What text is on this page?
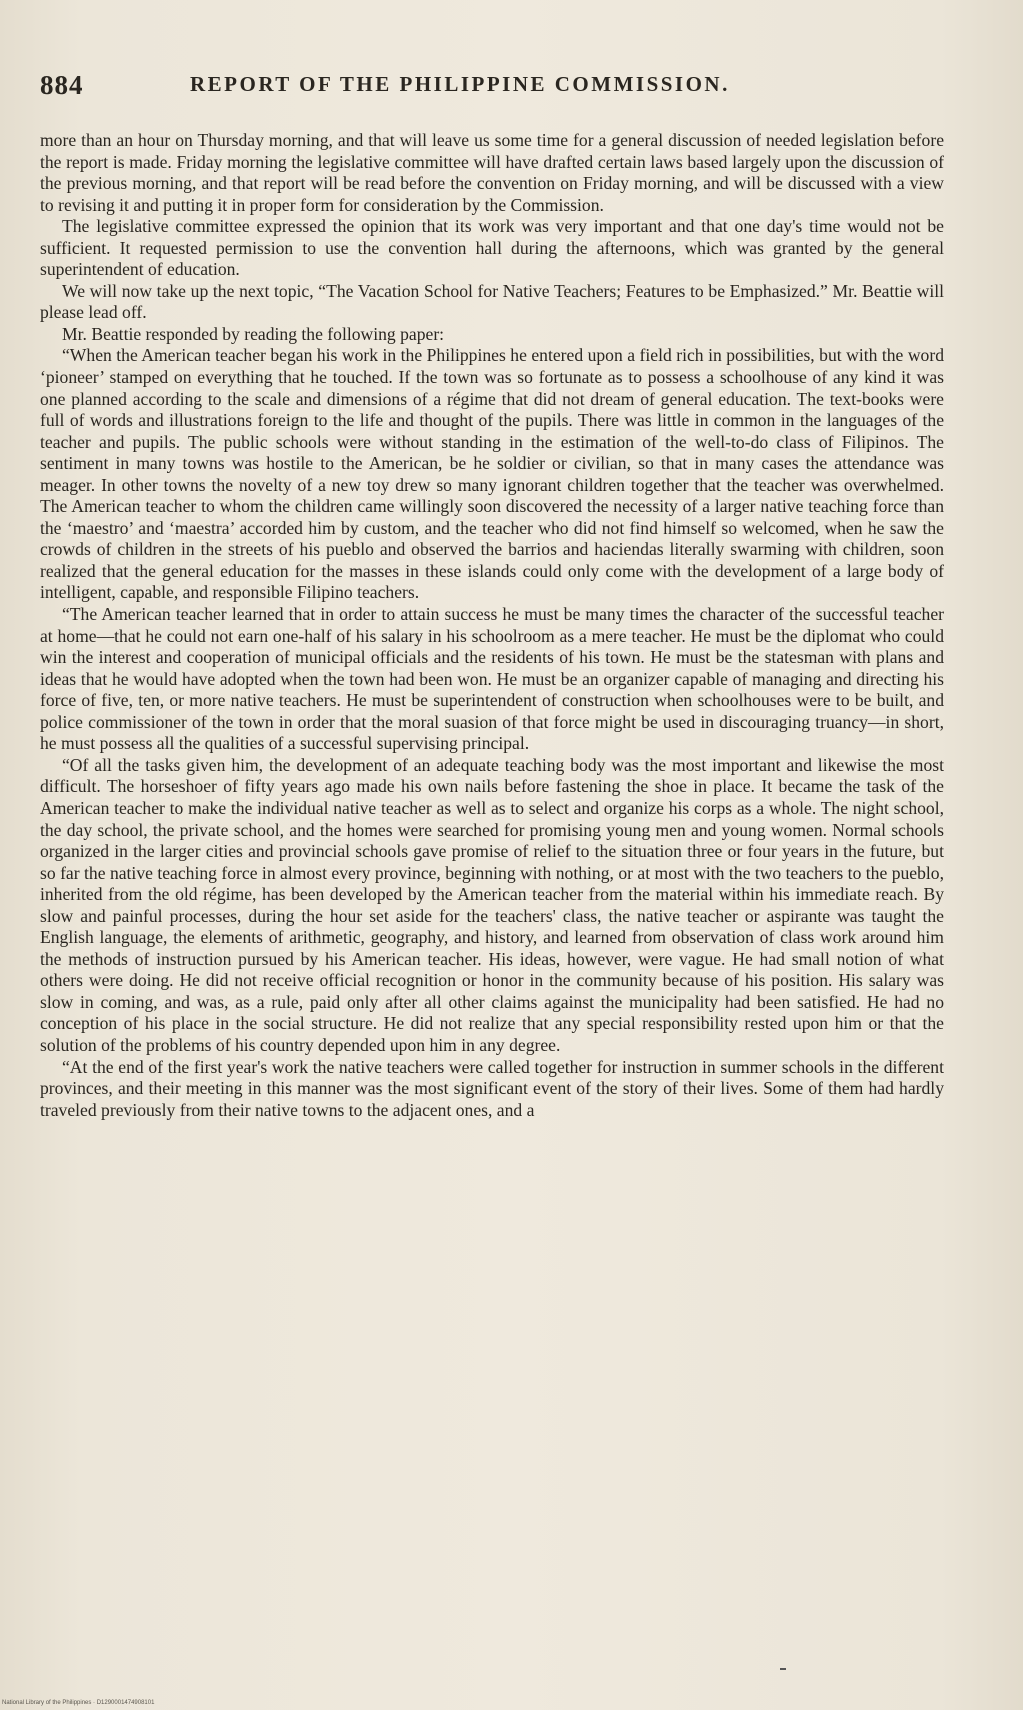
884	REPORT OF THE PHILIPPINE COMMISSION.

more than an hour on Thursday morning, and that will leave us some time for a general discussion of needed legislation before the report is made. Friday morning the legislative committee will have drafted certain laws based largely upon the discussion of the previous morning, and that report will be read before the convention on Friday morning, and will be discussed with a view to revising it and putting it in proper form for consideration by the Commission.

The legislative committee expressed the opinion that its work was very important and that one day's time would not be sufficient. It requested permission to use the convention hall during the afternoons, which was granted by the general superintendent of education.

We will now take up the next topic, “The Vacation School for Native Teachers; Features to be Emphasized.” Mr. Beattie will please lead off.

Mr. Beattie responded by reading the following paper:

“When the American teacher began his work in the Philippines he entered upon a field rich in possibilities, but with the word ‘pioneer’ stamped on everything that he touched. If the town was so fortunate as to possess a schoolhouse of any kind it was one planned according to the scale and dimensions of a régime that did not dream of general education. The text-books were full of words and illustrations foreign to the life and thought of the pupils. There was little in common in the languages of the teacher and pupils. The public schools were without standing in the estimation of the well-to-do class of Filipinos. The sentiment in many towns was hostile to the American, be he soldier or civilian, so that in many cases the attendance was meager. In other towns the novelty of a new toy drew so many ignorant children together that the teacher was overwhelmed. The American teacher to whom the children came willingly soon discovered the necessity of a larger native teaching force than the ‘maestro’ and ‘maestra’ accorded him by custom, and the teacher who did not find himself so welcomed, when he saw the crowds of children in the streets of his pueblo and observed the barrios and haciendas literally swarming with children, soon realized that the general education for the masses in these islands could only come with the development of a large body of intelligent, capable, and responsible Filipino teachers.

“The American teacher learned that in order to attain success he must be many times the character of the successful teacher at home—that he could not earn one-half of his salary in his schoolroom as a mere teacher. He must be the diplomat who could win the interest and cooperation of municipal officials and the residents of his town. He must be the statesman with plans and ideas that he would have adopted when the town had been won. He must be an organizer capable of managing and directing his force of five, ten, or more native teachers. He must be superintendent of construction when schoolhouses were to be built, and police commissioner of the town in order that the moral suasion of that force might be used in discouraging truancy—in short, he must possess all the qualities of a successful supervising principal.

“Of all the tasks given him, the development of an adequate teaching body was the most important and likewise the most difficult. The horseshoer of fifty years ago made his own nails before fastening the shoe in place. It became the task of the American teacher to make the individual native teacher as well as to select and organize his corps as a whole. The night school, the day school, the private school, and the homes were searched for promising young men and young women. Normal schools organized in the larger cities and provincial schools gave promise of relief to the situation three or four years in the future, but so far the native teaching force in almost every province, beginning with nothing, or at most with the two teachers to the pueblo, inherited from the old régime, has been developed by the American teacher from the material within his immediate reach. By slow and painful processes, during the hour set aside for the teachers' class, the native teacher or aspirante was taught the English language, the elements of arithmetic, geography, and history, and learned from observation of class work around him the methods of instruction pursued by his American teacher. His ideas, however, were vague. He had small notion of what others were doing. He did not receive official recognition or honor in the community because of his position. His salary was slow in coming, and was, as a rule, paid only after all other claims against the municipality had been satisfied. He had no conception of his place in the social structure. He did not realize that any special responsibility rested upon him or that the solution of the problems of his country depended upon him in any degree.

“At the end of the first year's work the native teachers were called together for instruction in summer schools in the different provinces, and their meeting in this manner was the most significant event of the story of their lives. Some of them had hardly traveled previously from their native towns to the adjacent ones, and a

National Library of the Philippines · D1290001474908101
